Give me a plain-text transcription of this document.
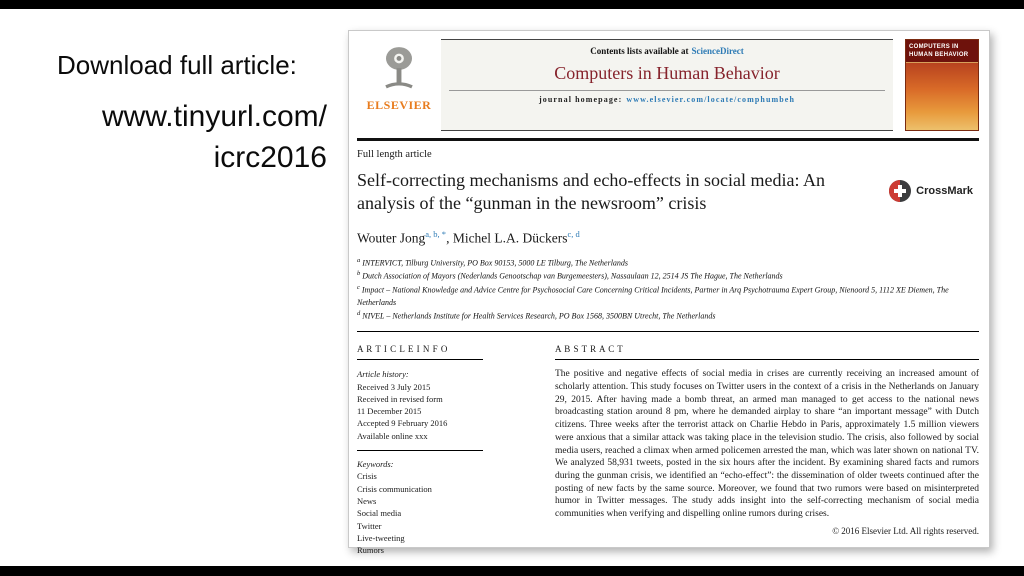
Download full article:
www.tinyurl.com/
icrc2016
ELSEVIER
Contents lists available at ScienceDirect
Computers in Human Behavior
journal homepage: www.elsevier.com/locate/comphumbeh
COMPUTERS IN HUMAN BEHAVIOR
Full length article
Self-correcting mechanisms and echo-effects in social media: An
analysis of the “gunman in the newsroom” crisis
CrossMark

Wouter Jong$^{a, b, *}$, Michel L.A. Dückers$^{c, d}$

$^a$ INTERVICT, Tilburg University, PO Box 90153, 5000 LE Tilburg, The Netherlands
$^b$ Dutch Association of Mayors (Nederlands Genootschap van Burgemeesters), Nassaulaan 12, 2514 JS The Hague, The Netherlands
$^c$ Impact – National Knowledge and Advice Centre for Psychosocial Care Concerning Critical Incidents, Partner in Arq Psychotrauma Expert Group, Nienoord 5, 1112 XE Diemen, The Netherlands
$^d$ NIVEL – Netherlands Institute for Health Services Research, PO Box 1568, 3500BN Utrecht, The Netherlands
A R T I C L E I N F O
Article history:
Received 3 July 2015
Received in revised form
11 December 2015
Accepted 9 February 2016
Available online xxx
Keywords:
Crisis
Crisis communication
News
Social media
Twitter
Live-tweeting
Rumors
A B S T R A C T
The positive and negative effects of social media in crises are currently receiving an increased amount of scholarly attention. This study focuses on Twitter users in the context of a crisis in the Netherlands on January 29, 2015. After having made a bomb threat, an armed man managed to get access to the national news broadcasting station around 8 pm, where he demanded airplay to share “an important message” with Dutch citizens. Three weeks after the terrorist attack on Charlie Hebdo in Paris, approximately 1.5 million viewers were anxious that a similar attack was taking place in the television studio. The crisis, also followed by social media users, reached a climax when armed policemen arrested the man, which was later shown on national TV. We analyzed 58,931 tweets, posted in the six hours after the incident. By examining shared facts and rumors during the gunman crisis, we identified an “echo-effect”: the dissemination of older tweets continued after the posting of new facts by the same source. Moreover, we found that two rumors were based on misinterpreted humor in Twitter messages. The study adds insight into the self-correcting mechanism of social media communities when verifying and dispelling online rumors during crises.
© 2016 Elsevier Ltd. All rights reserved.
